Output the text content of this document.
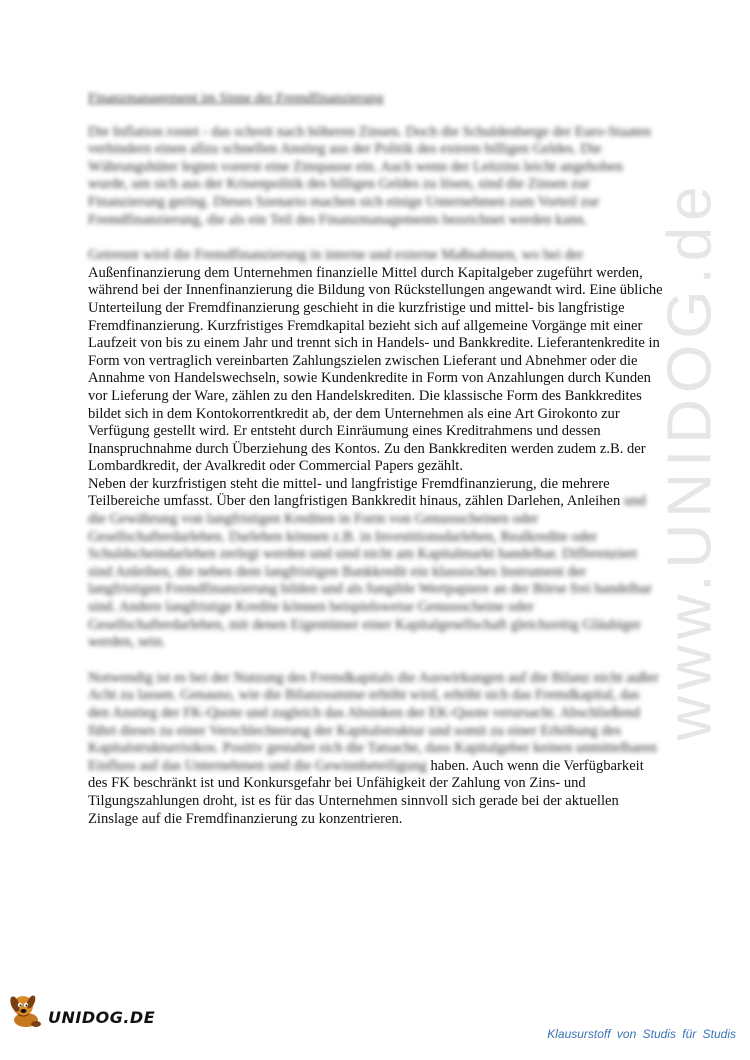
www.UNIDOG.de

Finanzmanagement im Sinne der Fremdfinanzierung

Die Inflation rostet - das schreit nach höheren Zinsen. Doch die Schuldenberge der Euro-Staaten verhindern einen allzu schnellen Anstieg aus der Politik des extrem billigen Geldes. Die Währungshüter legten vorerst eine Zinspause ein. Auch wenn der Leitzins leicht angehoben wurde, um sich aus der Krisenpolitik des billigen Geldes zu lösen, sind die Zinsen zur Finanzierung gering. Dieses Szenario machen sich einige Unternehmen zum Vorteil zur Fremdfinanzierung, die als ein Teil des Finanzmanagements bezeichnet werden kann.

Getrennt wird die Fremdfinanzierung in interne und externe Maßnahmen, wo bei der
Außenfinanzierung dem Unternehmen finanzielle Mittel durch Kapitalgeber zugeführt werden, während bei der Innenfinanzierung die Bildung von Rückstellungen angewandt wird. Eine übliche Unterteilung der Fremdfinanzierung geschieht in die kurzfristige und mittel- bis langfristige Fremdfinanzierung. Kurzfristiges Fremdkapital bezieht sich auf allgemeine Vorgänge mit einer Laufzeit von bis zu einem Jahr und trennt sich in Handels- und Bankkredite. Lieferantenkredite in Form von vertraglich vereinbarten Zahlungszielen zwischen Lieferant und Abnehmer oder die Annahme von Handelswechseln, sowie Kundenkredite in Form von Anzahlungen durch Kunden vor Lieferung der Ware, zählen zu den Handelskrediten. Die klassische Form des Bankkredites bildet sich in dem Kontokorrentkredit ab, der dem Unternehmen als eine Art Girokonto zur Verfügung gestellt wird. Er entsteht durch Einräumung eines Kreditrahmens und dessen Inanspruchnahme durch Überziehung des Kontos. Zu den Bankkrediten werden zudem z.B. der Lombardkredit, der Avalkredit oder Commercial Papers gezählt.
Neben der kurzfristigen steht die mittel- und langfristige Fremdfinanzierung, die mehrere Teilbereiche umfasst. Über den langfristigen Bankkredit hinaus, zählen Darlehen, Anleihen und die Gewährung von langfristigen Krediten in Form von Genussscheinen oder Gesellschafterdarlehen. Darlehen können z.B. in Investitionsdarlehen, Realkredite oder Schuldscheindarlehen zerlegt werden und sind nicht am Kapitalmarkt handelbar. Differenziert sind Anleihen, die neben dem langfristigen Bankkredit ein klassisches Instrument der langfristigen Fremdfinanzierung bilden und als fungible Wertpapiere an der Börse frei handelbar sind. Andere langfristige Kredite können beispielsweise Genussscheine oder Gesellschafterdarlehen, mit denen Eigentümer einer Kapitalgesellschaft gleichzeitig Gläubiger werden, sein.

Notwendig ist es bei der Nutzung des Fremdkapitals die Auswirkungen auf die Bilanz nicht außer Acht zu lassen. Genauso, wie die Bilanzsumme erhöht wird, erhöht sich das Fremdkapital, das den Anstieg der FK-Quote und zugleich das Absinken der EK-Quote verursacht. Abschließend führt dieses zu einer Verschlechterung der Kapitalstruktur und somit zu einer Erhöhung des Kapitalstrukturrisikos. Positiv gestaltet sich die Tatsache, dass Kapitalgeber keinen unmittelbaren Einfluss auf das Unternehmen und die Gewinnbeteiligung haben. Auch wenn die Verfügbarkeit des FK beschränkt ist und Konkursgefahr bei Unfähigkeit der Zahlung von Zins- und Tilgungszahlungen droht, ist es für das Unternehmen sinnvoll sich gerade bei der aktuellen Zinslage auf die Fremdfinanzierung zu konzentrieren.

UNIDOG.DE
Klausurstoff von Studis für Studis
